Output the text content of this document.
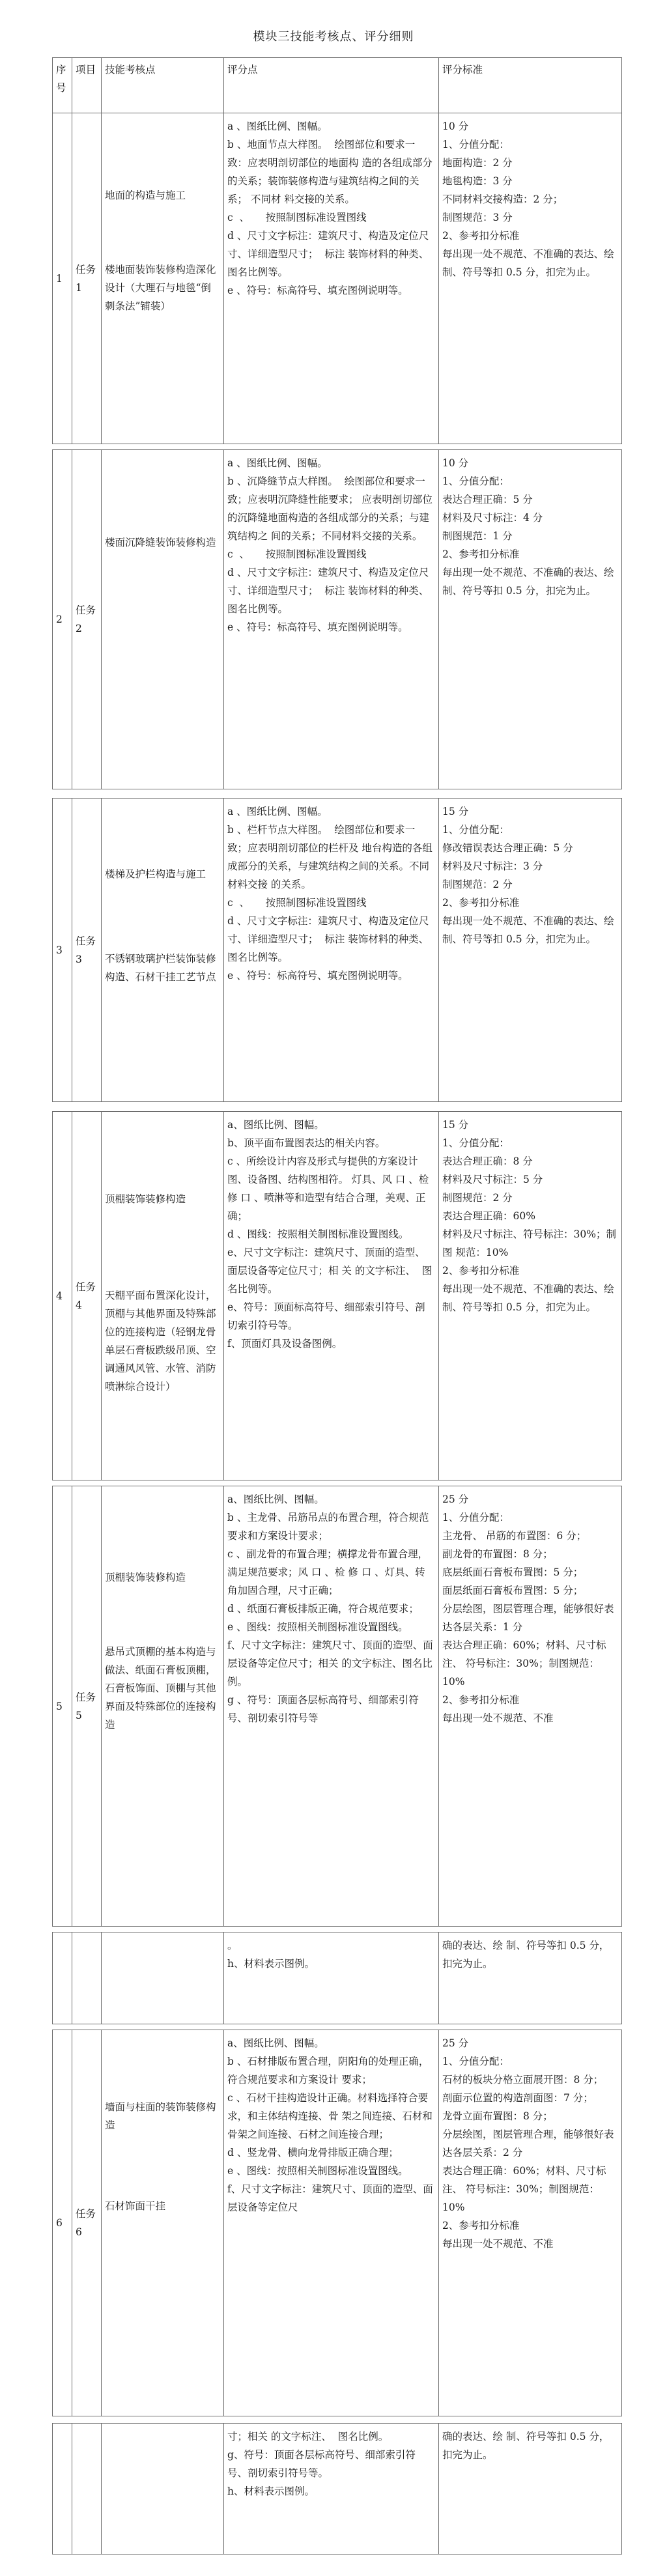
模块三技能考核点、评分细则
序
号
项目 技能考核点	评分点	评分标准
1
任务
1

地面的构造与施工

楼地面装饰装修构造深化设计（大理石与地毯“倒刺条法”铺装）

a 、图纸比例、图幅。
b 、地面节点大样图。  绘图部位和要求一致：应表明剖切部位的地面构 造的各组成部分的关系；装饰装修构造与建筑结构之间的关系； 不同材 料交接的关系。
c  、     按照制图标准设置图线
d 、尺寸文字标注：建筑尺寸、构造及定位尺寸、详细造型尺寸；  标注 装饰材料的种类、图名比例等。
e 、符号：标高符号、填充图例说明等。
10 分
1、分值分配：
地面构造：2 分
地毯构造：3 分
不同材料交接构造：2 分；
制图规范：3 分
2、参考扣分标准
每出现一处不规范、不准确的表达、绘 制、符号等扣 0.5 分，扣完为止。
2
任务
2

楼面沉降缝装饰装修构造

a 、图纸比例、图幅。
b 、沉降缝节点大样图。  绘图部位和要求一致；应表明沉降缝性能要求； 应表明剖切部位的沉降缝地面构造的各组成部分的关系；与建筑结构之 间的关系；不同材料交接的关系。
c  、     按照制图标准设置图线
d 、尺寸文字标注：建筑尺寸、构造及定位尺寸、详细造型尺寸；  标注 装饰材料的种类、图名比例等。
e 、符号：标高符号、填充图例说明等。
10 分
1、分值分配：
表达合理正确：5 分
材料及尺寸标注：4 分
制图规范：1 分
2、参考扣分标准
每出现一处不规范、不准确的表达、绘 制、符号等扣 0.5 分，扣完为止。
3
任务
3

楼梯及护栏构造与施工

不锈钢玻璃护栏装饰装修构造、石材干挂工艺节点

a 、图纸比例、图幅。
b 、栏杆节点大样图。  绘图部位和要求一致；应表明剖切部位的栏杆及 地台构造的各组成部分的关系，与建筑结构之间的关系。不同材料交接 的关系。
c  、     按照制图标准设置图线
d 、尺寸文字标注：建筑尺寸、构造及定位尺寸、详细造型尺寸；  标注 装饰材料的种类、图名比例等。
e 、符号：标高符号、填充图例说明等。
15 分
1、分值分配：
修改错误表达合理正确：5 分
材料及尺寸标注：3 分
制图规范：2 分
2、参考扣分标准
每出现一处不规范、不准确的表达、绘 制、符号等扣 0.5 分，扣完为止。
4
任务
4

顶棚装饰装修构造

天棚平面布置深化设计，顶棚与其他界面及特殊部位的连接构造（轻钢龙骨单层石膏板跌级吊顶、空调通风风管、水管、消防喷淋综合设计）

a、图纸比例、图幅。
b、顶平面布置图表达的相关内容。
c 、所绘设计内容及形式与提供的方案设计图、设备图、结构图相符。 灯具、风 口 、检 修 口 、喷淋等和造型有结合合理，美观、正确；
d 、图线：按照相关制图标准设置图线。
e、尺寸文字标注：建筑尺寸、顶面的造型、面层设备等定位尺寸；相 关 的文字标注、  图名比例等。
e、符号：顶面标高符号、细部索引符号、剖切索引符号等。
f、顶面灯具及设备图例。
15 分
1、分值分配：
表达合理正确：8 分
材料及尺寸标注：5 分
制图规范：2 分
表达合理正确：60%
材料及尺寸标注、符号标注：30%；制图 规范：10%
2、参考扣分标准
每出现一处不规范、不准确的表达、绘 制、符号等扣 0.5 分，扣完为止。
5
任务
5

顶棚装饰装修构造

悬吊式顶棚的基本构造与做法、纸面石膏板顶棚，石膏板饰面、顶棚与其他界面及特殊部位的连接构造

a、图纸比例、图幅。
b 、主龙骨、吊筋吊点的布置合理，符合规范要求和方案设计要求；
c 、副龙骨的布置合理；横撑龙骨布置合理，满足规范要求；风 口 、检 修 口 、灯具、转角加固合理，尺寸正确；
d 、纸面石膏板排版正确，符合规范要求；
e 、图线：按照相关制图标准设置图线。
f、尺寸文字标注：建筑尺寸、顶面的造型、面层设备等定位尺寸；相关 的文字标注、图名比例。
g 、符号：顶面各层标高符号、细部索引符号、剖切索引符号等
25 分
1、分值分配：
主龙骨、 吊筋的布置图：6 分；
副龙骨的布置图：8 分；
底层纸面石膏板布置图：5 分；
面层纸面石膏板布置图：5 分；
分层绘图，图层管理合理，能够很好表 达各层关系：1 分
表达合理正确：60%；材料、尺寸标注、 符号标注：30%；制图规范：10%
2、参考扣分标准
每出现一处不规范、不准
。
h、材料表示图例。
确的表达、绘 制、符号等扣 0.5 分，扣完为止。
6
任务
6

墙面与柱面的装饰装修构造

石材饰面干挂

a、图纸比例、图幅。
b 、石材排版布置合理，阴阳角的处理正确，符合规范要求和方案设计 要求；
c 、石材干挂构造设计正确。材料选择符合要求，和主体结构连接、骨 架之间连接、石材和骨架之间连接、石材之间连接合理；
d 、竖龙骨、横向龙骨排版正确合理；
e 、图线：按照相关制图标准设置图线。
f、尺寸文字标注：建筑尺寸、顶面的造型、面层设备等定位尺
25 分
1、分值分配：
石材的板块分格立面展开图：8 分；
剖面示位置的构造剖面图：7 分；
龙骨立面布置图：8 分；
分层绘图，图层管理合理，能够很好表 达各层关系：2 分
表达合理正确：60%；材料、尺寸标注、 符号标注：30%；制图规范：10%
2、参考扣分标准
每出现一处不规范、不准
寸；相关 的文字标注、  图名比例。
g、符号：顶面各层标高符号、细部索引符号、剖切索引符号等。
h、材料表示图例。
确的表达、绘 制、符号等扣 0.5 分，扣完为止。
